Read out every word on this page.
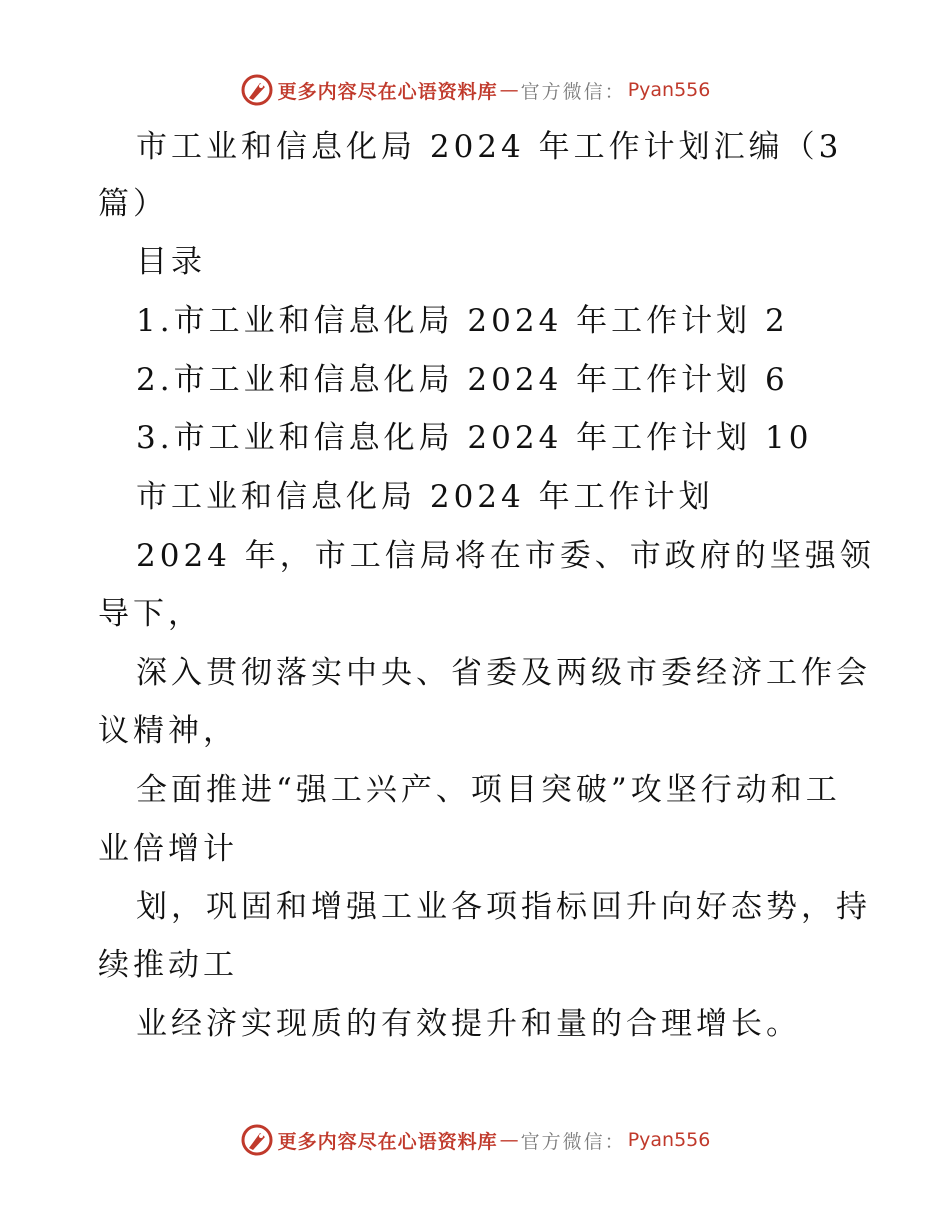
更多内容尽在心语资料库 — 官方微信： Pyan556
市工业和信息化局 2024 年工作计划汇编（3
篇）
目录
1.市工业和信息化局 2024 年工作计划 2
2.市工业和信息化局 2024 年工作计划 6
3.市工业和信息化局 2024 年工作计划 10
市工业和信息化局 2024 年工作计划
2024 年，市工信局将在市委、市政府的坚强领
导下，
深入贯彻落实中央、省委及两级市委经济工作会
议精神，
全面推进“强工兴产、项目突破”攻坚行动和工
业倍增计
划，巩固和增强工业各项指标回升向好态势，持
续推动工
业经济实现质的有效提升和量的合理增长。
更多内容尽在心语资料库 — 官方微信： Pyan556
